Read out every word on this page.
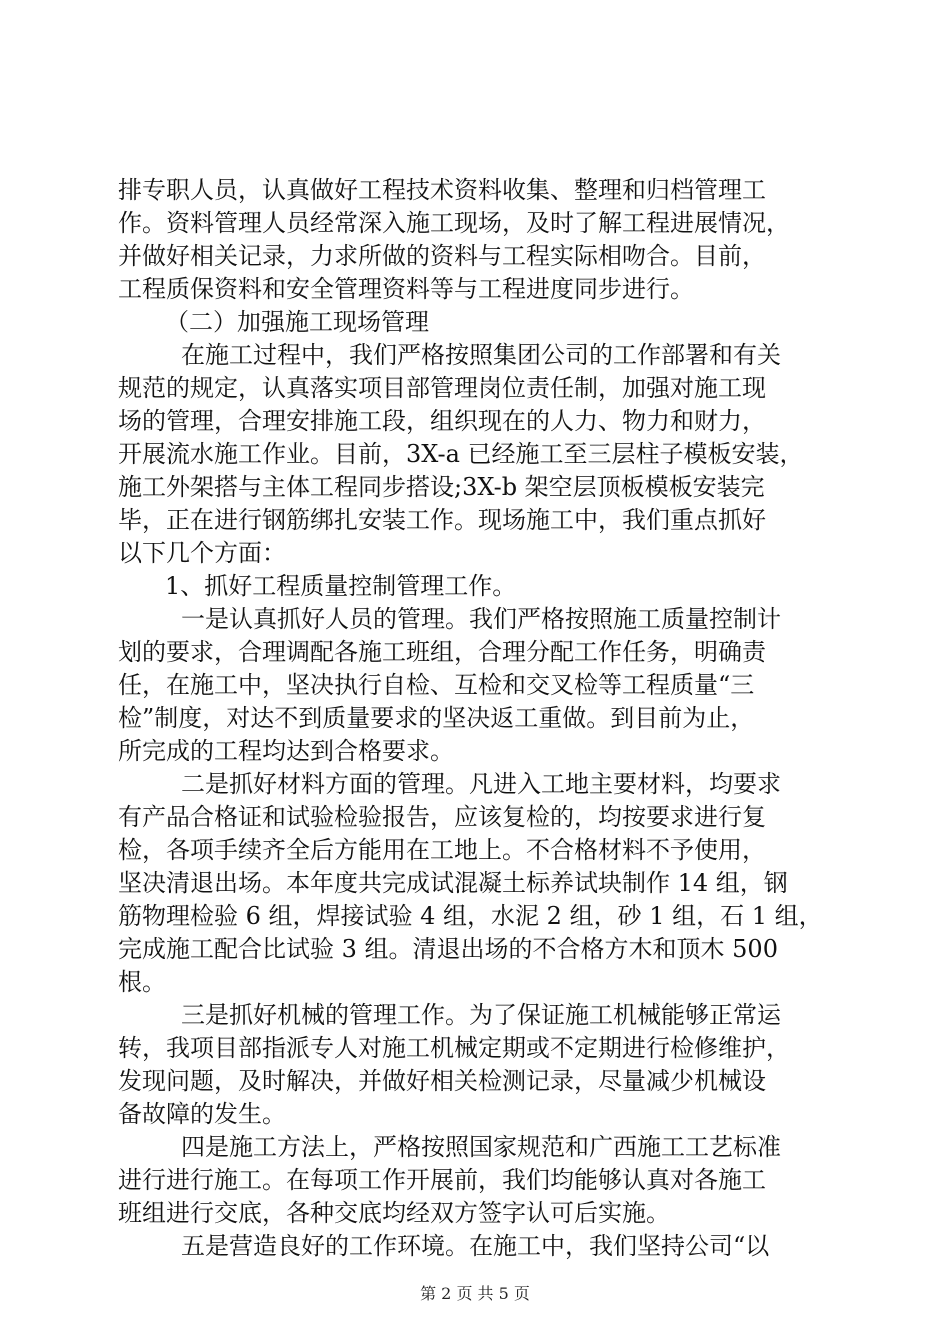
排专职人员，认真做好工程技术资料收集、整理和归档管理工
作。资料管理人员经常深入施工现场，及时了解工程进展情况，
并做好相关记录，力求所做的资料与工程实际相吻合。目前，
工程质保资料和安全管理资料等与工程进度同步进行。
（二）加强施工现场管理
在施工过程中，我们严格按照集团公司的工作部署和有关
规范的规定，认真落实项目部管理岗位责任制，加强对施工现
场的管理，合理安排施工段，组织现在的人力、物力和财力，
开展流水施工作业。目前，3X-a 已经施工至三层柱子模板安装，
施工外架搭与主体工程同步搭设;3X-b 架空层顶板模板安装完
毕，正在进行钢筋绑扎安装工作。现场施工中，我们重点抓好
以下几个方面：
1、抓好工程质量控制管理工作。
一是认真抓好人员的管理。我们严格按照施工质量控制计
划的要求，合理调配各施工班组，合理分配工作任务，明确责
任，在施工中，坚决执行自检、互检和交叉检等工程质量“三
检”制度，对达不到质量要求的坚决返工重做。到目前为止，
所完成的工程均达到合格要求。
二是抓好材料方面的管理。凡进入工地主要材料，均要求
有产品合格证和试验检验报告，应该复检的，均按要求进行复
检，各项手续齐全后方能用在工地上。不合格材料不予使用，
坚决清退出场。本年度共完成试混凝土标养试块制作 14 组，钢
筋物理检验 6 组，焊接试验 4 组，水泥 2 组，砂 1 组，石 1 组，
完成施工配合比试验 3 组。清退出场的不合格方木和顶木 500
根。
三是抓好机械的管理工作。为了保证施工机械能够正常运
转，我项目部指派专人对施工机械定期或不定期进行检修维护，
发现问题，及时解决，并做好相关检测记录，尽量减少机械设
备故障的发生。
四是施工方法上，严格按照国家规范和广西施工工艺标准
进行进行施工。在每项工作开展前，我们均能够认真对各施工
班组进行交底，各种交底均经双方签字认可后实施。
五是营造良好的工作环境。在施工中，我们坚持公司“以
第 2 页 共 5 页
